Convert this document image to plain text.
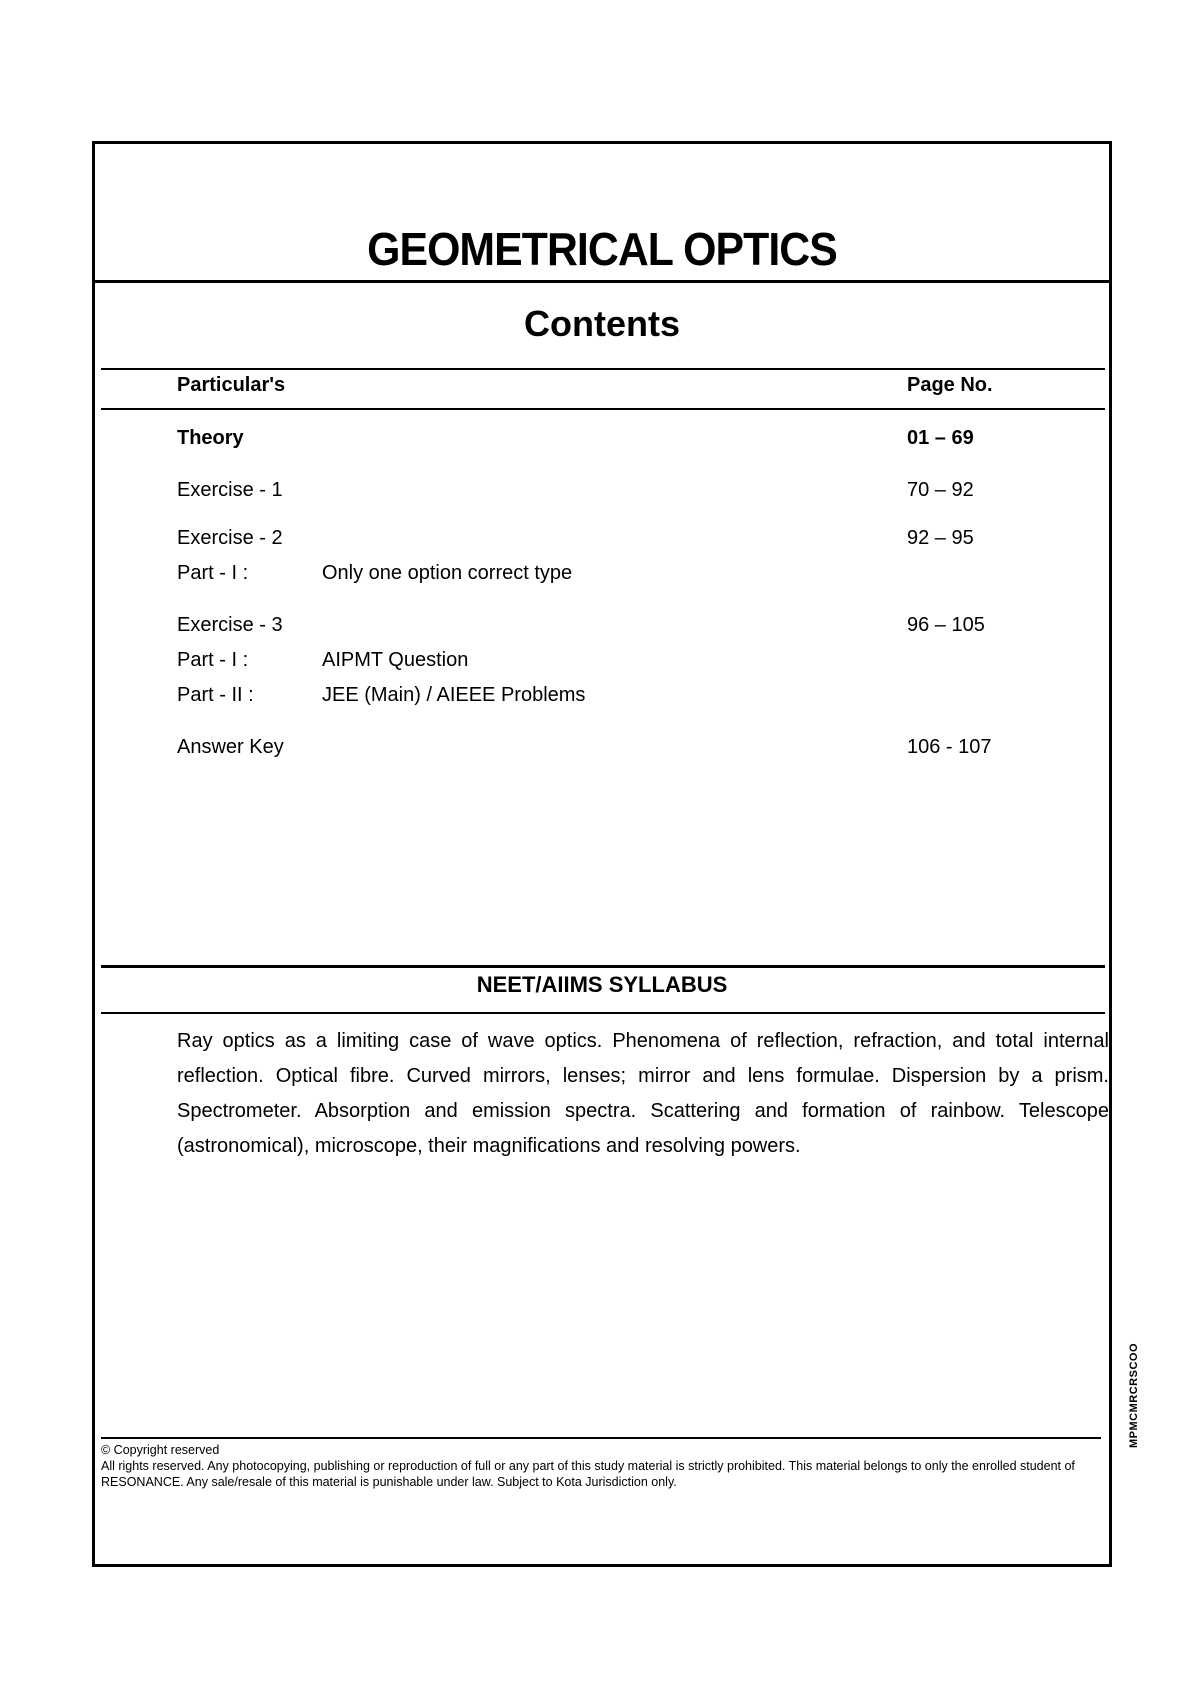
GEOMETRICAL OPTICS
Contents
Particular's	Page No.
Theory	01 – 69
Exercise - 1	70 – 92
Exercise - 2	92 – 95
Part - I :	Only one option correct type
Exercise - 3	96 – 105
Part - I :	AIPMT Question
Part - II :	JEE (Main) / AIEEE Problems
Answer Key	106 - 107
NEET/AIIMS SYLLABUS
Ray optics as a limiting case of wave optics. Phenomena of reflection, refraction, and total internal reflection. Optical fibre. Curved mirrors, lenses; mirror and lens formulae. Dispersion by a prism. Spectrometer. Absorption and emission spectra. Scattering and formation of rainbow. Telescope (astronomical), microscope, their magnifications and resolving powers.
© Copyright reserved
All rights reserved. Any photocopying, publishing or reproduction of full or any part of this study material is strictly prohibited. This material belongs to only the enrolled student of RESONANCE. Any sale/resale of this material is punishable under law. Subject to Kota Jurisdiction only.
MPMCMRCRSCOO
